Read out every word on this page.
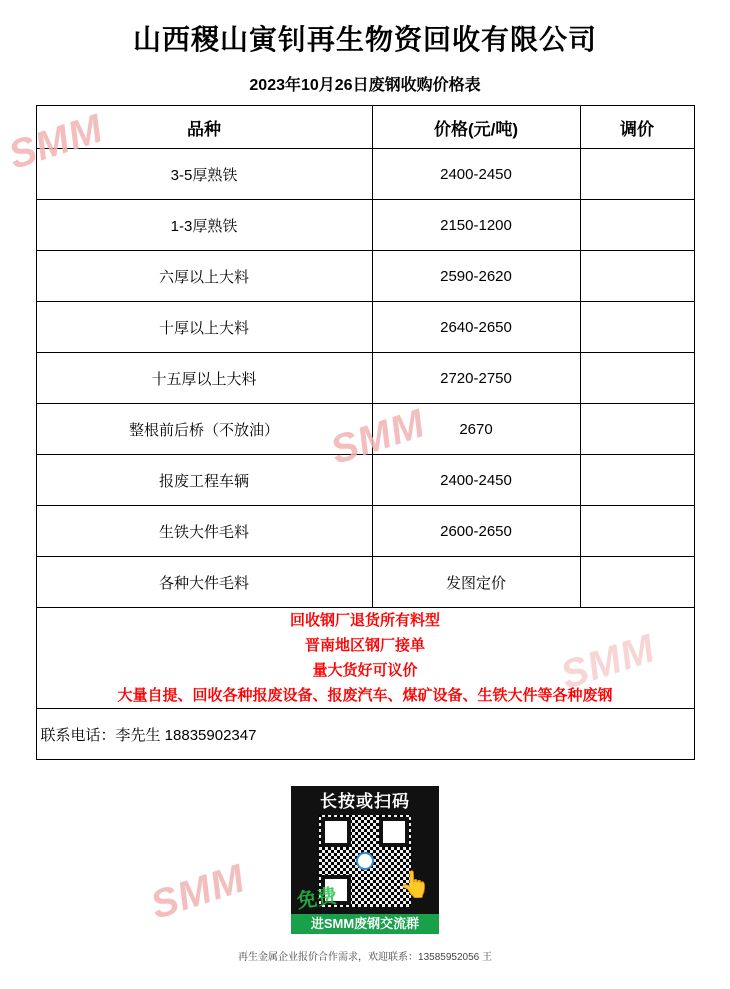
SMM
SMM
SMM
山西稷山寅钊再生物资回收有限公司
2023年10月26日废钢收购价格表
品种	价格(元/吨)	调价
3-5厚熟铁	2400-2450	
1-3厚熟铁	2150-1200	
六厚以上大料	2590-2620	
十厚以上大料	2640-2650	
十五厚以上大料	2720-2750	
整根前后桥（不放油）	2670	
报废工程车辆	2400-2450	
生铁大件毛料	2600-2650	
各种大件毛料	发图定价	

回收钢厂退货所有料型
晋南地区钢厂接单
量大货好可议价
大量自提、回收各种报废设备、报废汽车、煤矿设备、生铁大件等各种废钢		

联系电话：李先生 18835902347		
长按或扫码
免费 👆
进SMM废钢交流群
SMM
再生金属企业报价合作需求，欢迎联系：13585952056 王
